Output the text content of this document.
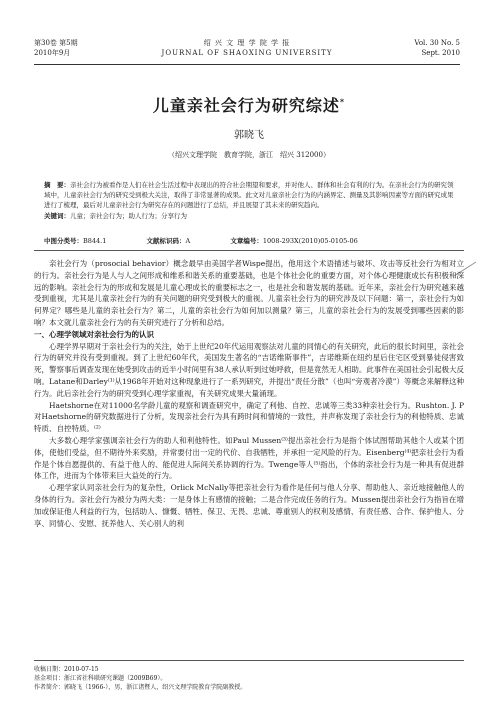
第30卷 第5期
2010年9月
绍 兴 文 理 学 院 学 报
JOURNAL OF SHAOXING UNIVERSITY
Vol. 30 No. 5
Sept. 2010
儿童亲社会行为研究综述*
郭晓飞
（绍兴文理学院　教育学院，浙江　绍兴 312000）
摘　要：亲社会行为被看作是人们在社会生活过程中表现出的符合社会期望和要求，并对他人、群体和社会有利的行为。在亲社会行为的研究领域中，儿童亲社会行为的研究受到极大关注，取得了非常显著的成果。此文对儿童亲社会行为的内涵界定、测量及其影响因素等方面的研究成果进行了梳理，最后对儿童亲社会行为研究存在的问题进行了总结，并且展望了其未来的研究趋向。
关键词：儿童；亲社会行为；助人行为；分享行为
中图分类号：B844.1	文献标识码：A	文章编号：1008-293X(2010)05-0105-06

亲社会行为（prosocial behavior）概念最早由美国学者Wispe提出，他用这个术语描述与破坏、攻击等反社会行为相对立的行为。亲社会行为是人与人之间形成和维系和谐关系的重要基础，也是个体社会化的重要方面，对个体心理健康成长有积极和深远的影响。亲社会行为的形成和发展是儿童心理成长的重要标志之一，也是社会和谐发展的基础。近年来，亲社会行为研究越来越受到重视，尤其是儿童亲社会行为的有关问题的研究受到极大的重视。儿童亲社会行为的研究涉及以下问题：第一，亲社会行为如何界定？哪些是儿童的亲社会行为？第二，儿童的亲社会行为如何加以测量？第三，儿童的亲社会行为的发展受到哪些因素的影响？本文就儿童亲社会行为的有关研究进行了分析和总结。

一、心理学领域对亲社会行为的认识

心理学界早期对于亲社会行为的关注，始于上世纪20年代运用观察法对儿童的同情心的有关研究，此后的很长时间里，亲社会行为的研究并没有受到重视。到了上世纪60年代，美国发生著名的“吉诺维斯事件”，吉诺维斯在纽约星后住宅区受到暴徒侵害致死，警察事后调查发现在她受到攻击的近半小时间里有38人承认听到过她呼救，但是竟然无人相助。此事件在美国社会引起极大反响。Latane和Darley⁽¹⁾从1968年开始对这种现象进行了一系列研究，并提出“责任分散”（也叫“旁观者冷漠”）等概念来解释这种行为。此后亲社会行为的研究受到心理学家重视，有关研究成果大量涌现。

Haetshorne在对11000名学龄儿童的观察和调查研究中，确定了利他、自控、忠诚等三类33种亲社会行为。Rushton. J. P对Haetshorne的研究数据进行了分析，发现亲社会行为具有跨时间和情境的一致性，并声称发现了亲社会行为的利他特质、忠诚特质、自控特质。⁽²⁾

大多数心理学家强调亲社会行为的助人和利他特性。如Paul Mussen⁽³⁾提出亲社会行为是指个体试图帮助其他个人或某个团体，使他们受益，但不期待外来奖励，并常要付出一定的代价、自我牺牲，并承担一定风险的行为。Eisenberg⁽⁴⁾把亲社会行为看作是个体自愿提供的、有益于他人的、能促进人际间关系协调的行为。Twenge等人⁽⁵⁾指出，个体的亲社会行为是一种具有促进群体工作，进而为个体带来巨大益处的行为。

心理学家认同亲社会行为的复杂性，Orlick McNally等把亲社会行为看作是任何与他人分享、帮助他人、亲近地接触他人的身体的行为。亲社会行为被分为两大类：一是身体上有感情的接触；二是合作完成任务的行为。Mussen提出亲社会行为指旨在增加或保证他人利益的行为，包括助人、慷慨、牺牲、保卫、无畏、忠诚、尊重别人的权利及感情、有责任感、合作、保护他人、分享、同情心、安慰、抚养他人、关心别人的利

收稿日期：2010-07-15
基金项目：浙江省社科联研究课题（2009B69）。
作者简介：郭晓飞（1966-），男，浙江诸暨人，绍兴文理学院教育学院副教授。
